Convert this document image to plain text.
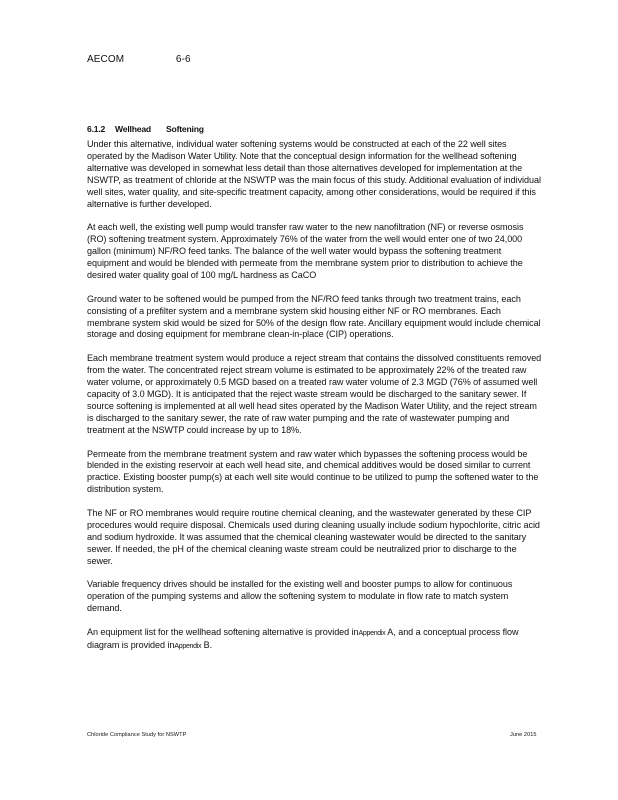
AECOM	6-6
6.1.2 Wellhead Softening

Under this alternative, individual water softening systems would be constructed at each of the 22 well sites operated by the Madison Water Utility. Note that the conceptual design information for the wellhead softening alternative was developed in somewhat less detail than those alternatives developed for implementation at the NSWTP, as treatment of chloride at the NSWTP was the main focus of this study. Additional evaluation of individual well sites, water quality, and site-specific treatment capacity, among other considerations, would be required if this alternative is further developed.

At each well, the existing well pump would transfer raw water to the new nanofiltration (NF) or reverse osmosis (RO) softening treatment system. Approximately 76% of the water from the well would enter one of two 24,000 gallon (minimum) NF/RO feed tanks. The balance of the well water would bypass the softening treatment equipment and would be blended with permeate from the membrane system prior to distribution to achieve the desired water quality goal of 100 mg/L hardness as CaCO

Ground water to be softened would be pumped from the NF/RO feed tanks through two treatment trains, each consisting of a prefilter system and a membrane system skid housing either NF or RO membranes. Each membrane system skid would be sized for 50% of the design flow rate. Ancillary equipment would include chemical storage and dosing equipment for membrane clean-in-place (CIP) operations.

Each membrane treatment system would produce a reject stream that contains the dissolved constituents removed from the water. The concentrated reject stream volume is estimated to be approximately 22% of the treated raw water volume, or approximately 0.5 MGD based on a treated raw water volume of 2.3 MGD (76% of assumed well capacity of 3.0 MGD). It is anticipated that the reject waste stream would be discharged to the sanitary sewer. If source softening is implemented at all well head sites operated by the Madison Water Utility, and the reject stream is discharged to the sanitary sewer, the rate of raw water pumping and the rate of wastewater pumping and treatment at the NSWTP could increase by up to 18%.

Permeate from the membrane treatment system and raw water which bypasses the softening process would be blended in the existing reservoir at each well head site, and chemical additives would be dosed similar to current practice. Existing booster pump(s) at each well site would continue to be utilized to pump the softened water to the distribution system.

The NF or RO membranes would require routine chemical cleaning, and the wastewater generated by these CIP procedures would require disposal. Chemicals used during cleaning usually include sodium hypochlorite, citric acid and sodium hydroxide. It was assumed that the chemical cleaning wastewater would be directed to the sanitary sewer. If needed, the pH of the chemical cleaning waste stream could be neutralized prior to discharge to the sewer.

Variable frequency drives should be installed for the existing well and booster pumps to allow for continuous operation of the pumping systems and allow the softening system to modulate in flow rate to match system demand.

An equipment list for the wellhead softening alternative is provided inAppendix A, and a conceptual process flow diagram is provided inAppendix B.

Chloride Compliance Study for NSWTP	June 2015
